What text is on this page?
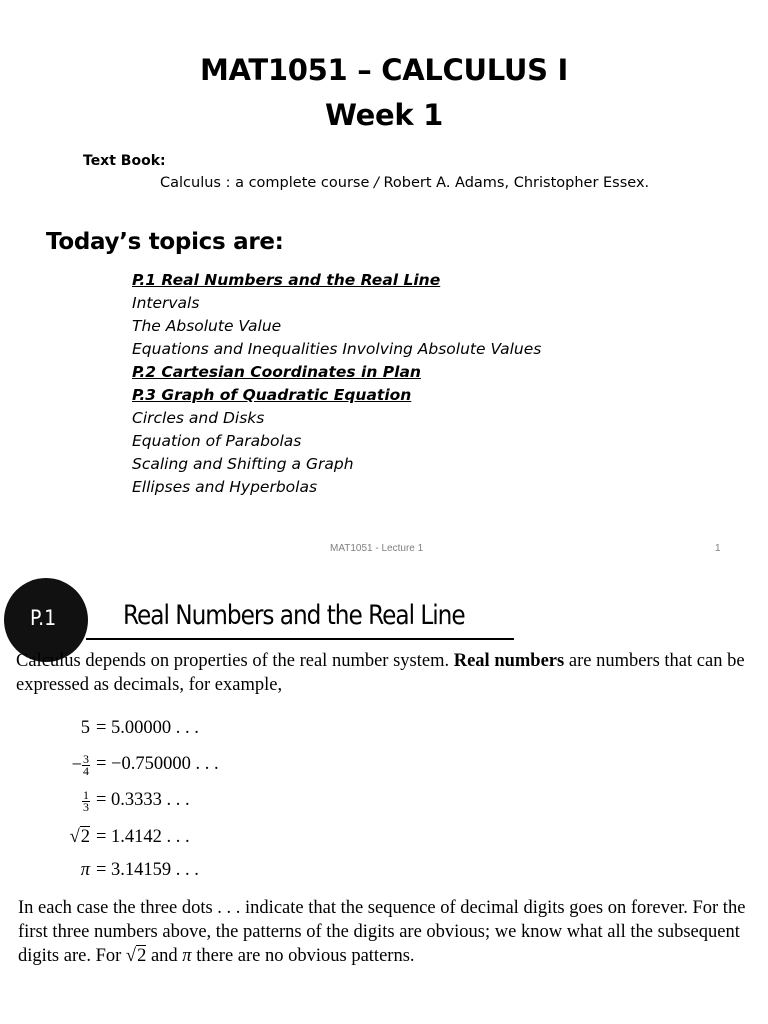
MAT1051 – CALCULUS I
Week 1
Text Book:
Calculus : a complete course / Robert A. Adams, Christopher Essex.
Today’s topics are:
P.1 Real Numbers and the Real Line
Intervals
The Absolute Value
Equations and Inequalities Involving Absolute Values
P.2 Cartesian Coordinates in Plan
P.3 Graph of Quadratic Equation
Circles and Disks
Equation of Parabolas
Scaling and Shifting a Graph
Ellipses and Hyperbolas
MAT1051 - Lecture 1	1
P.1 Real Numbers and the Real Line
Calculus depends on properties of the real number system. Real numbers are numbers that can be expressed as decimals, for example,
5 = 5.00000 . . .
− $\frac{3}{4} = -0.750000$ . . .
$\frac{1}{3} = 0.3333$ . . .
√2 = 1.4142 . . .
π = 3.14159 . . .
In each case the three dots . . . indicate that the sequence of decimal digits goes on forever. For the first three numbers above, the patterns of the digits are obvious; we know what all the subsequent digits are. For √2 and π there are no obvious patterns.
